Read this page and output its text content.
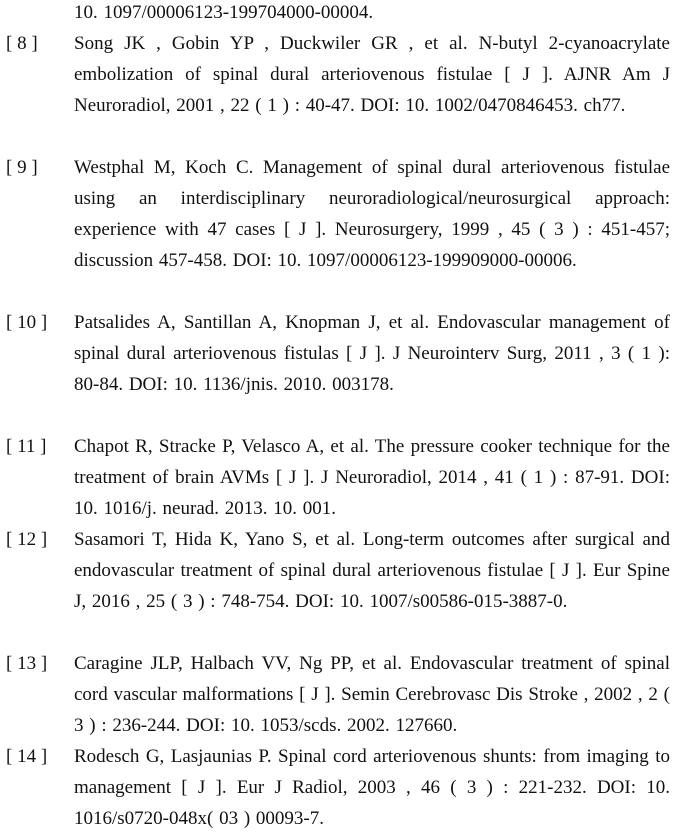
10. 1097/00006123-199704000-00004.
[ 8 ] Song JK , Gobin YP , Duckwiler GR , et al. N-butyl 2-cyanoacrylate embolization of spinal dural arteriovenous fistulae [ J ]. AJNR Am J Neuroradiol, 2001 , 22 ( 1 ) : 40-47. DOI: 10. 1002/0470846453. ch77.
[ 9 ] Westphal M, Koch C. Management of spinal dural arteriovenous fistulae using an interdisciplinary neuroradiological/neurosurgical approach: experience with 47 cases [ J ]. Neurosurgery, 1999 , 45 ( 3 ) : 451-457; discussion 457-458. DOI: 10. 1097/00006123-199909000-00006.
[ 10 ] Patsalides A, Santillan A, Knopman J, et al. Endovascular management of spinal dural arteriovenous fistulas [ J ]. J Neurointerv Surg, 2011 , 3 ( 1 ): 80-84. DOI: 10. 1136/jnis. 2010. 003178.
[ 11 ] Chapot R, Stracke P, Velasco A, et al. The pressure cooker technique for the treatment of brain AVMs [ J ]. J Neuroradiol, 2014 , 41 ( 1 ) : 87-91. DOI: 10. 1016/j. neurad. 2013. 10. 001.
[ 12 ] Sasamori T, Hida K, Yano S, et al. Long-term outcomes after surgical and endovascular treatment of spinal dural arteriovenous fistulae [ J ]. Eur Spine J, 2016 , 25 ( 3 ) : 748-754. DOI: 10. 1007/s00586-015-3887-0.
[ 13 ] Caragine JLP, Halbach VV, Ng PP, et al. Endovascular treatment of spinal cord vascular malformations [ J ]. Semin Cerebrovasc Dis Stroke , 2002 , 2 ( 3 ) : 236-244. DOI: 10. 1053/scds. 2002. 127660.
[ 14 ] Rodesch G, Lasjaunias P. Spinal cord arteriovenous shunts: from imaging to management [ J ]. Eur J Radiol, 2003 , 46 ( 3 ) : 221-232. DOI: 10. 1016/s0720-048x( 03 ) 00093-7.
